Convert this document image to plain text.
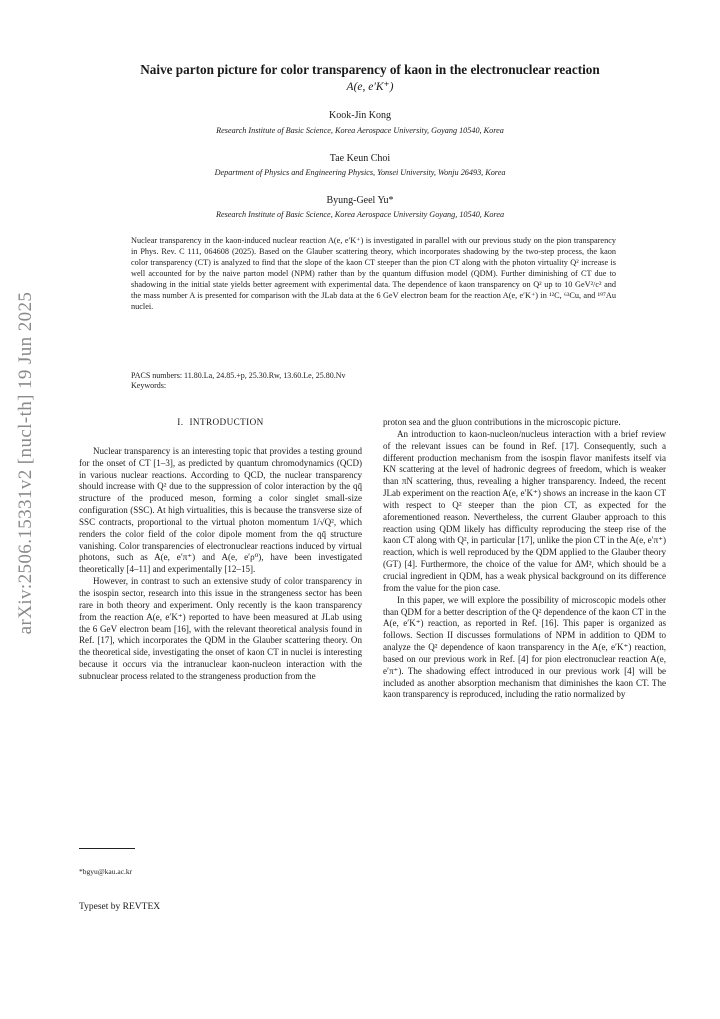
arXiv:2506.15331v2 [nucl-th] 19 Jun 2025
Naive parton picture for color transparency of kaon in the electronuclear reaction
A(e, e′K⁺)
Kook-Jin Kong
Research Institute of Basic Science, Korea Aerospace University, Goyang 10540, Korea
Tae Keun Choi
Department of Physics and Engineering Physics, Yonsei University, Wonju 26493, Korea
Byung-Geel Yu*
Research Institute of Basic Science, Korea Aerospace University Goyang, 10540, Korea
Nuclear transparency in the kaon-induced nuclear reaction A(e, e′K⁺) is investigated in parallel with our previous study on the pion transparency in Phys. Rev. C 111, 064608 (2025). Based on the Glauber scattering theory, which incorporates shadowing by the two-step process, the kaon color transparency (CT) is analyzed to find that the slope of the kaon CT steeper than the pion CT along with the photon virtuality Q² increase is well accounted for by the naive parton model (NPM) rather than by the quantum diffusion model (QDM). Further diminishing of CT due to shadowing in the initial state yields better agreement with experimental data. The dependence of kaon transparency on Q² up to 10 GeV²/c² and the mass number A is presented for comparison with the JLab data at the 6 GeV electron beam for the reaction A(e, e′K⁺) in ¹²C, ⁶³Cu, and ¹⁹⁷Au nuclei.
PACS numbers: 11.80.La, 24.85.+p, 25.30.Rw, 13.60.Le, 25.80.Nv
Keywords:
I. INTRODUCTION

Nuclear transparency is an interesting topic that provides a testing ground for the onset of CT [1–3], as predicted by quantum chromodynamics (QCD) in various nuclear reactions. According to QCD, the nuclear transparency should increase with Q² due to the suppression of color interaction by the qq̄ structure of the produced meson, forming a color singlet small-size configuration (SSC). At high virtualities, this is because the transverse size of SSC contracts, proportional to the virtual photon momentum 1/√Q², which renders the color field of the color dipole moment from the qq̄ structure vanishing. Color transparencies of electronuclear reactions induced by virtual photons, such as A(e, e′π⁺) and A(e, e′ρ⁰), have been investigated theoretically [4–11] and experimentally [12–15].

However, in contrast to such an extensive study of color transparency in the isospin sector, research into this issue in the strangeness sector has been rare in both theory and experiment. Only recently is the kaon transparency from the reaction A(e, e′K⁺) reported to have been measured at JLab using the 6 GeV electron beam [16], with the relevant theoretical analysis found in Ref. [17], which incorporates the QDM in the Glauber scattering theory. On the theoretical side, investigating the onset of kaon CT in nuclei is interesting because it occurs via the intranuclear kaon-nucleon interaction with the subnuclear process related to the strangeness production from the

proton sea and the gluon contributions in the microscopic picture.

An introduction to kaon-nucleon/nucleus interaction with a brief review of the relevant issues can be found in Ref. [17]. Consequently, such a different production mechanism from the isospin flavor manifests itself via KN scattering at the level of hadronic degrees of freedom, which is weaker than πN scattering, thus, revealing a higher transparency. Indeed, the recent JLab experiment on the reaction A(e, e′K⁺) shows an increase in the kaon CT with respect to Q² steeper than the pion CT, as expected for the aforementioned reason. Nevertheless, the current Glauber approach to this reaction using QDM likely has difficulty reproducing the steep rise of the kaon CT along with Q², in particular [17], unlike the pion CT in the A(e, e′π⁺) reaction, which is well reproduced by the QDM applied to the Glauber theory (GT) [4]. Furthermore, the choice of the value for ΔM², which should be a crucial ingredient in QDM, has a weak physical background on its difference from the value for the pion case.

In this paper, we will explore the possibility of microscopic models other than QDM for a better description of the Q² dependence of the kaon CT in the A(e, e′K⁺) reaction, as reported in Ref. [16]. This paper is organized as follows. Section II discusses formulations of NPM in addition to QDM to analyze the Q² dependence of kaon transparency in the A(e, e′K⁺) reaction, based on our previous work in Ref. [4] for pion electronuclear reaction A(e, e′π⁺). The shadowing effect introduced in our previous work [4] will be included as another absorption mechanism that diminishes the kaon CT. The kaon transparency is reproduced, including the ratio normalized by

*bgyu@kau.ac.kr
Typeset by REVTEX
